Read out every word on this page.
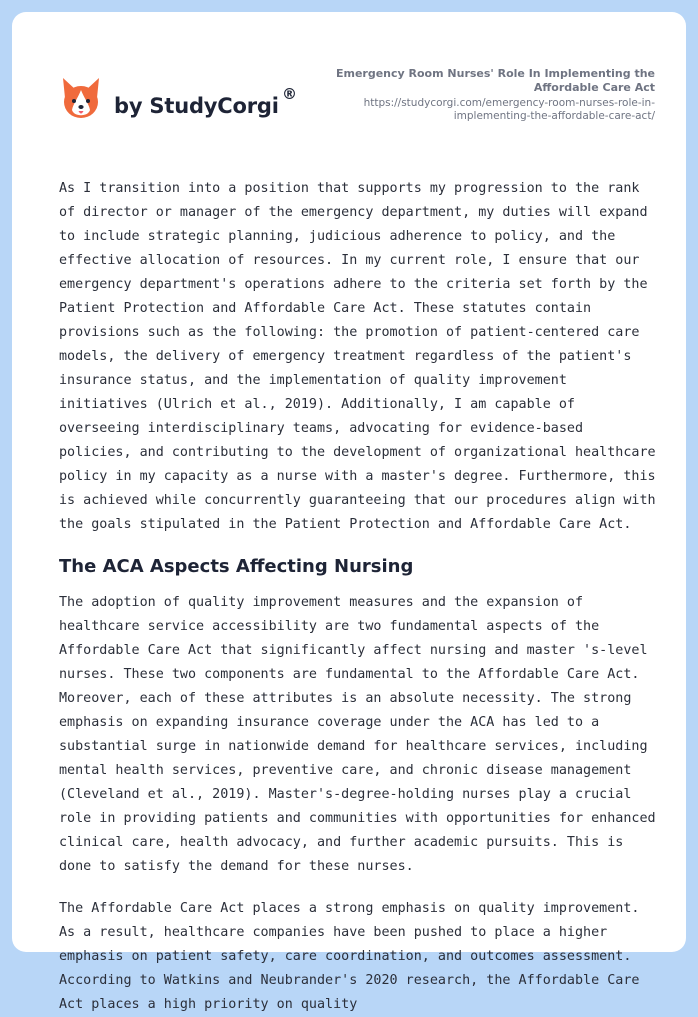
by StudyCorgi ®
Emergency Room Nurses' Role In Implementing the Affordable Care Act
https://studycorgi.com/emergency-room-nurses-role-in-implementing-the-affordable-care-act/

As I transition into a position that supports my progression to the rank of director or manager of the emergency department, my duties will expand to include strategic planning, judicious adherence to policy, and the effective allocation of resources. In my current role, I ensure that our emergency department's operations adhere to the criteria set forth by the Patient Protection and Affordable Care Act. These statutes contain provisions such as the following: the promotion of patient-centered care models, the delivery of emergency treatment regardless of the patient's insurance status, and the implementation of quality improvement initiatives (Ulrich et al., 2019). Additionally, I am capable of overseeing interdisciplinary teams, advocating for evidence-based policies, and contributing to the development of organizational healthcare policy in my capacity as a nurse with a master's degree. Furthermore, this is achieved while concurrently guaranteeing that our procedures align with the goals stipulated in the Patient Protection and Affordable Care Act.

The ACA Aspects Affecting Nursing

The adoption of quality improvement measures and the expansion of healthcare service accessibility are two fundamental aspects of the Affordable Care Act that significantly affect nursing and master 's-level nurses. These two components are fundamental to the Affordable Care Act. Moreover, each of these attributes is an absolute necessity. The strong emphasis on expanding insurance coverage under the ACA has led to a substantial surge in nationwide demand for healthcare services, including mental health services, preventive care, and chronic disease management (Cleveland et al., 2019). Master's-degree-holding nurses play a crucial role in providing patients and communities with opportunities for enhanced clinical care, health advocacy, and further academic pursuits. This is done to satisfy the demand for these nurses.

The Affordable Care Act places a strong emphasis on quality improvement. As a result, healthcare companies have been pushed to place a higher emphasis on patient safety, care coordination, and outcomes assessment. According to Watkins and Neubrander's 2020 research, the Affordable Care Act places a high priority on quality
